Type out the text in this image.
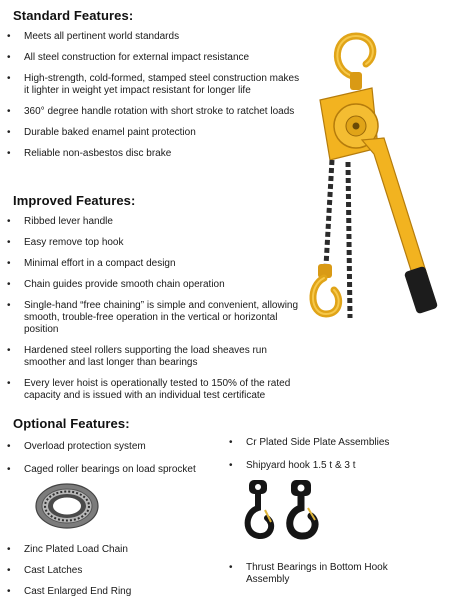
Standard Features:
• Meets all pertinent world standards
• All steel construction for external impact resistance
• High-strength, cold-formed, stamped steel construction makes it lighter in weight yet impact resistant for longer life
• 360° degree handle rotation with short stroke to ratchet loads
• Durable baked enamel paint protection
• Reliable non-asbestos disc brake
Improved Features:
• Ribbed lever handle
• Easy remove top hook
• Minimal effort in a compact design
• Chain guides provide smooth chain operation
• Single-hand “free chaining” is simple and convenient, allowing smooth, trouble-free operation in the vertical or horizontal position
• Hardened steel rollers supporting the load sheaves run smoother and last longer than bearings
• Every lever hoist is operationally tested to 150% of the rated capacity and is issued with an individual test certificate
Optional Features:
• Overload protection system
• Caged roller bearings on load sprocket
• Cr Plated Side Plate Assemblies
• Shipyard hook 1.5 t & 3 t
• Zinc Plated Load Chain
• Cast Latches
• Cast Enlarged End Ring
• Thrust Bearings in Bottom Hook Assembly
